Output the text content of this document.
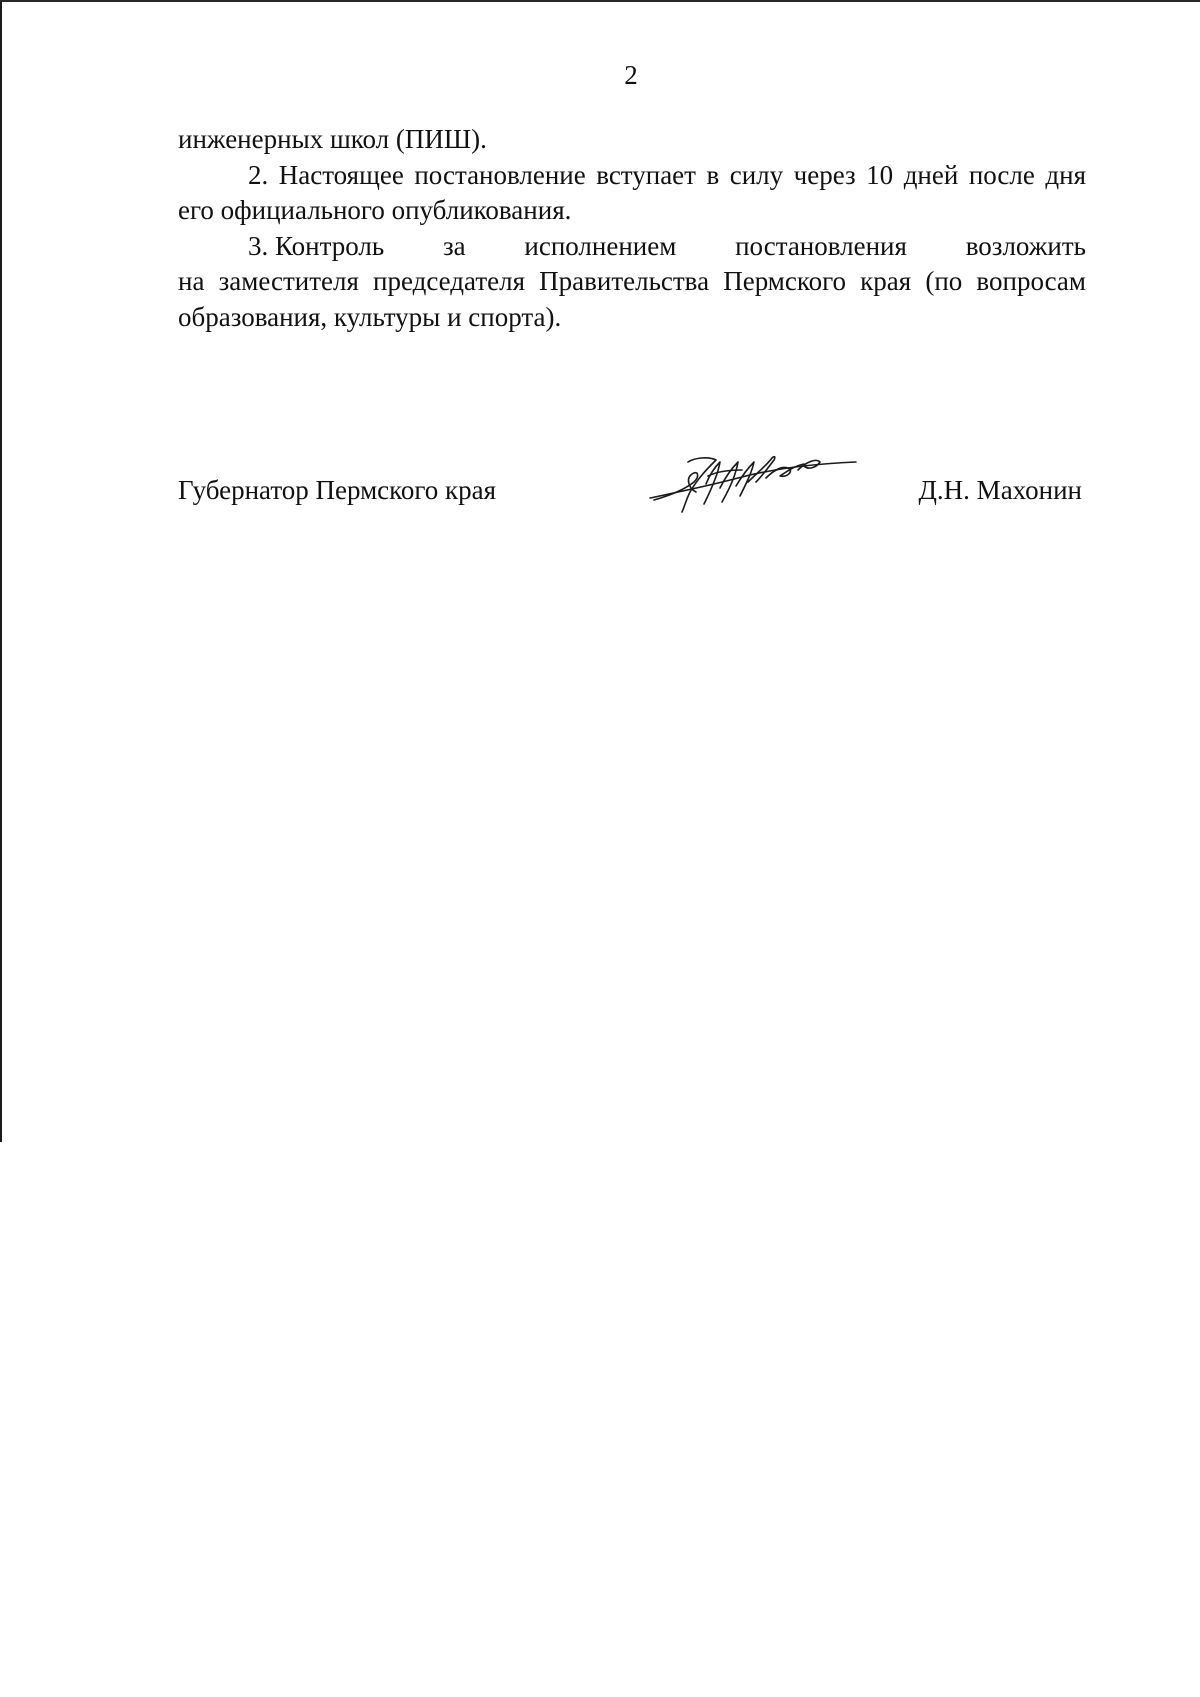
2

инженерных школ (ПИШ).

2. Настоящее постановление вступает в силу через 10 дней после дня его официального опубликования.

3. Контроль за исполнением постановления возложить

на заместителя председателя Правительства Пермского края (по вопросам образования, культуры и спорта).

Губернатор Пермского края	Д.Н. Махонин
